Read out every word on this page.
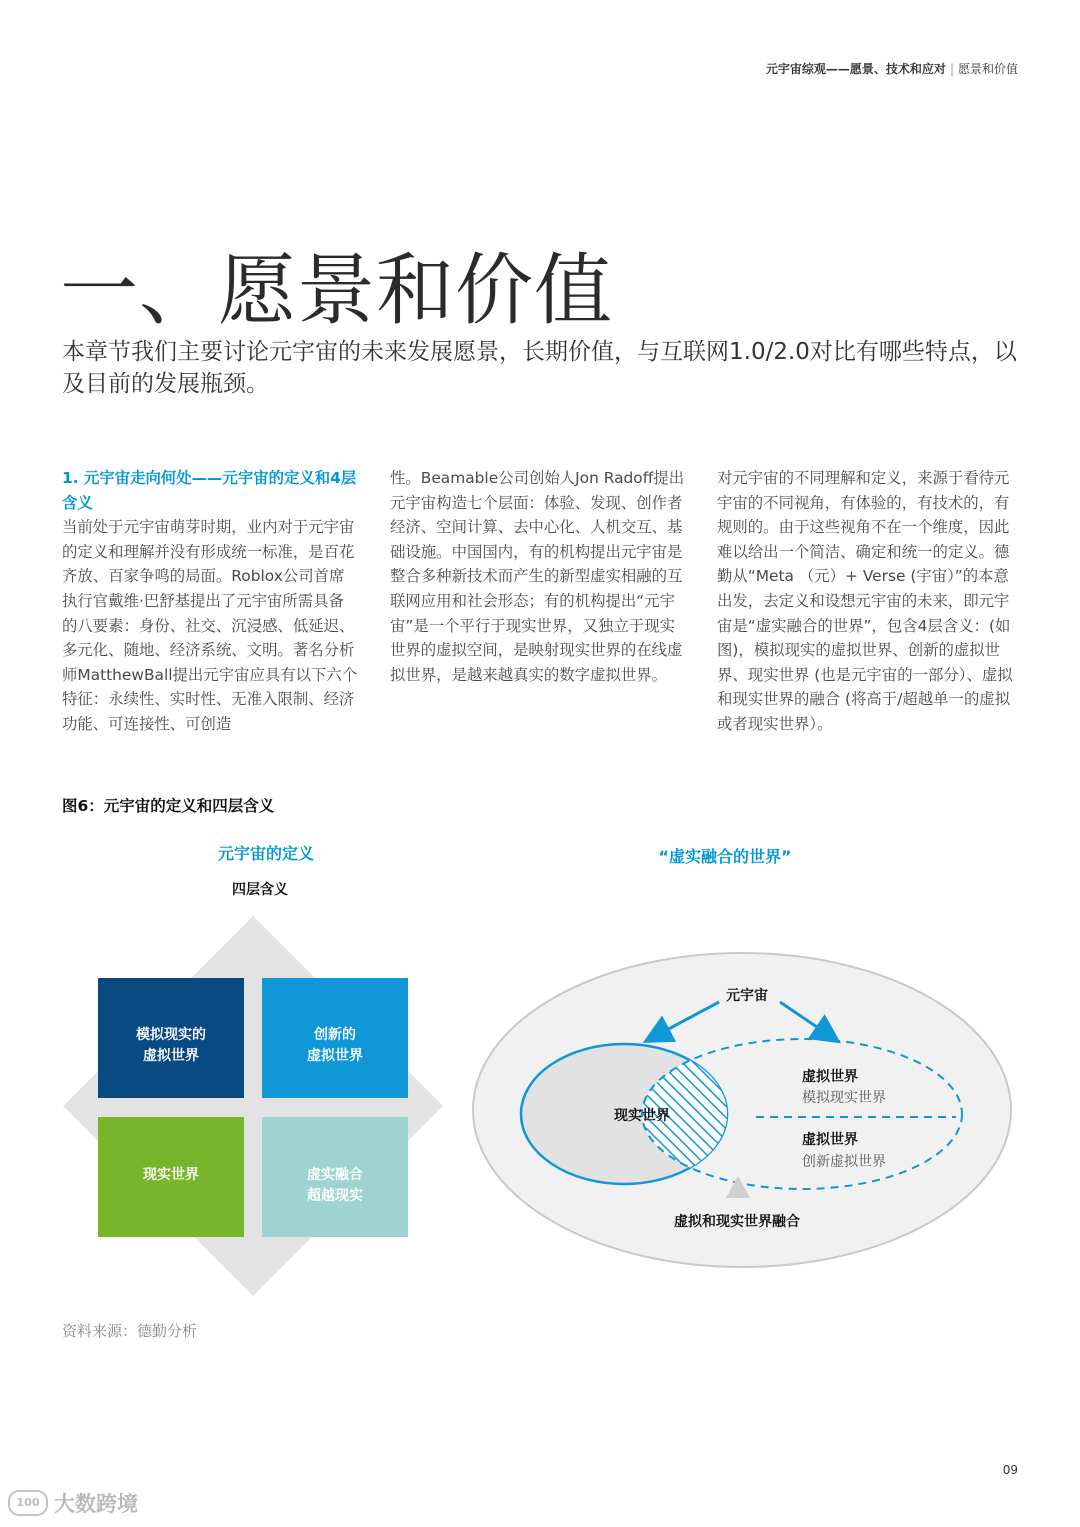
元宇宙综观——愿景、技术和应对 | 愿景和价值
一、愿景和价值
本章节我们主要讨论元宇宙的未来发展愿景，长期价值，与互联网1.0/2.0对比有哪些特点，以及目前的发展瓶颈。
1. 元宇宙走向何处——元宇宙的定义和4层含义
当前处于元宇宙萌芽时期，业内对于元宇宙的定义和理解并没有形成统一标准，是百花齐放、百家争鸣的局面。Roblox公司首席执行官戴维·巴舒基提出了元宇宙所需具备的八要素：身份、社交、沉浸感、低延迟、多元化、随地、经济系统、文明。著名分析师MatthewBall提出元宇宙应具有以下六个特征：永续性、实时性、无准入限制、经济功能、可连接性、可创造
性。Beamable公司创始人Jon Radoff提出元宇宙构造七个层面：体验、发现、创作者经济、空间计算、去中心化、人机交互、基础设施。中国国内，有的机构提出元宇宙是整合多种新技术而产生的新型虚实相融的互联网应用和社会形态；有的机构提出“元宇宙”是一个平行于现实世界，又独立于现实世界的虚拟空间，是映射现实世界的在线虚拟世界，是越来越真实的数字虚拟世界。
对元宇宙的不同理解和定义，来源于看待元宇宙的不同视角，有体验的，有技术的，有规则的。由于这些视角不在一个维度，因此难以给出一个简洁、确定和统一的定义。德勤从“Meta （元）+ Verse (宇宙）”的本意出发，去定义和设想元宇宙的未来，即元宇宙是“虚实融合的世界”，包含4层含义：(如图)，模拟现实的虚拟世界、创新的虚拟世界、现实世界 (也是元宇宙的一部分）、虚拟和现实世界的融合 (将高于/超越单一的虚拟或者现实世界）。
图6：元宇宙的定义和四层含义
元宇宙的定义
四层含义
模拟现实的
虚拟世界
创新的
虚拟世界
现实世界	虚实融合
超越现实
“虚实融合的世界”
元宇宙
现实世界
虚拟世界
模拟现实世界
虚拟世界
创新虚拟世界
虚拟和现实世界融合
资料来源：德勤分析
09
100 大数跨境
